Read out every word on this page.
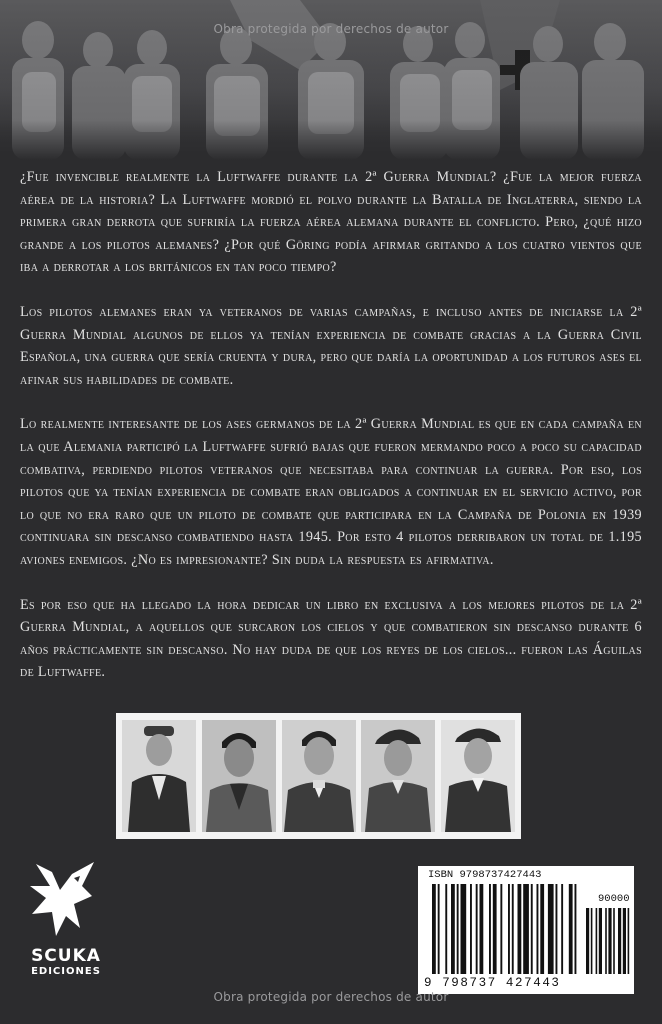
Obra protegida por derechos de autor

¿Fue invencible realmente la Luftwaffe durante la 2ª Guerra Mundial? ¿Fue la mejor fuerza aérea de la historia? La Luftwaffe mordió el polvo durante la Batalla de Inglaterra, siendo la primera gran derrota que sufriría la fuerza aérea alemana durante el conflicto. Pero, ¿qué hizo grande a los pilotos alemanes? ¿Por qué Göring podía afirmar gritando a los cuatro vientos que iba a derrotar a los británicos en tan poco tiempo?

Los pilotos alemanes eran ya veteranos de varias campañas, e incluso antes de iniciarse la 2ª Guerra Mundial algunos de ellos ya tenían experiencia de combate gracias a la Guerra Civil Española, una guerra que sería cruenta y dura, pero que daría la oportunidad a los futuros ases el afinar sus habilidades de combate.

Lo realmente interesante de los ases germanos de la 2ª Guerra Mundial es que en cada campaña en la que Alemania participó la Luftwaffe sufrió bajas que fueron mermando poco a poco su capacidad combativa, perdiendo pilotos veteranos que necesitaba para continuar la guerra. Por eso, los pilotos que ya tenían experiencia de combate eran obligados a continuar en el servicio activo, por lo que no era raro que un piloto de combate que participara en la Campaña de Polonia en 1939 continuara sin descanso combatiendo hasta 1945. Por esto 4 pilotos derribaron un total de 1.195 aviones enemigos. ¿No es impresionante? Sin duda la respuesta es afirmativa.

Es por eso que ha llegado la hora dedicar un libro en exclusiva a los mejores pilotos de la 2ª Guerra Mundial, a aquellos que surcaron los cielos y que combatieron sin descanso durante 6 años prácticamente sin descanso. No hay duda de que los reyes de los cielos... fueron las Águilas de Luftwaffe.

SCUKA
EDICIONES
ISBN 9798737427443
90000
9 798737 427443
Obra protegida por derechos de autor
